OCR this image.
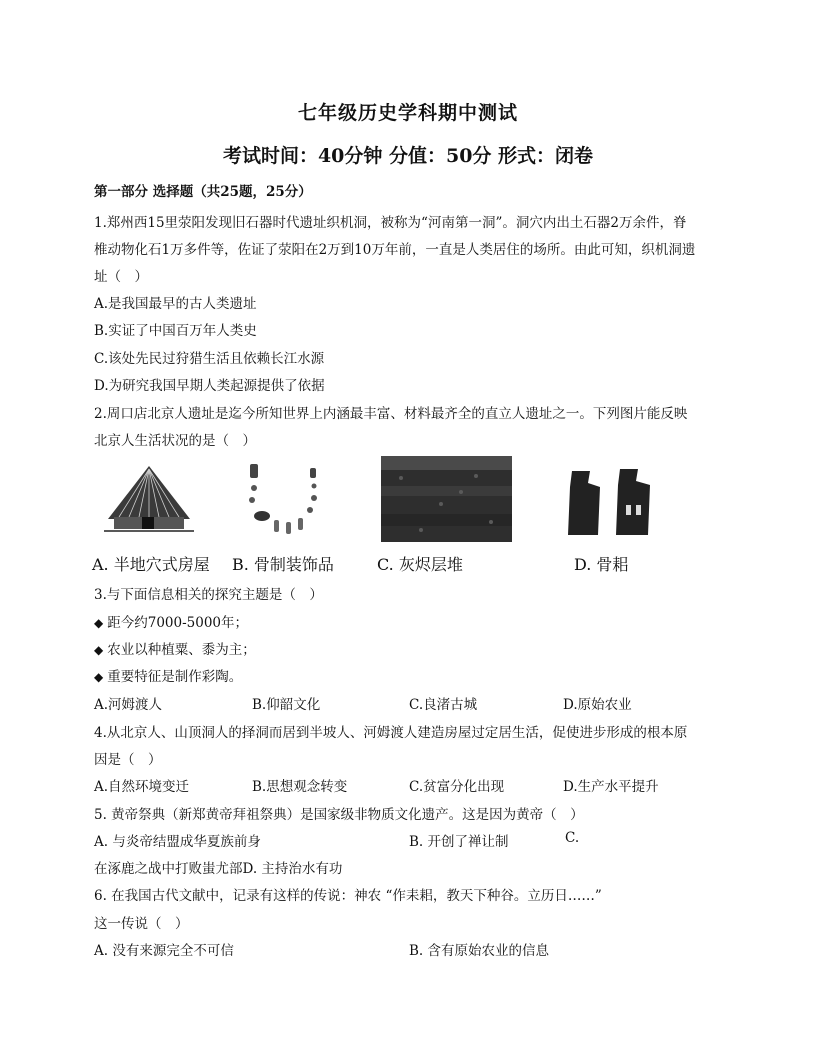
七年级历史学科期中测试
考试时间：40分钟 分值：50分 形式：闭卷
第一部分 选择题（共25题，25分）
1.郑州西15里荥阳发现旧石器时代遗址织机洞，被称为“河南第一洞”。洞穴内出土石器2万余件，脊
椎动物化石1万多件等，佐证了荥阳在2万到10万年前，一直是人类居住的场所。由此可知，织机洞遗
址（　）
A.是我国最早的古人类遗址
B.实证了中国百万年人类史
C.该处先民过狩猎生活且依赖长江水源
D.为研究我国早期人类起源提供了依据
2.周口店北京人遗址是迄今所知世界上内涵最丰富、材料最齐全的直立人遗址之一。下列图片能反映
北京人生活状况的是（　）
A. 半地穴式房屋 B. 骨制装饰品	C. 灰烬层堆	D. 骨耜
3.与下面信息相关的探究主题是（　）
◆ 距今约7000-5000年；
◆ 农业以种植粟、黍为主；
◆ 重要特征是制作彩陶。
A.河姆渡人	B.仰韶文化	C.良渚古城	D.原始农业
4.从北京人、山顶洞人的择洞而居到半坡人、河姆渡人建造房屋过定居生活，促使进步形成的根本原
因是（　）
A.自然环境变迁	B.思想观念转变	C.贫富分化出现	D.生产水平提升
5. 黄帝祭典（新郑黄帝拜祖祭典）是国家级非物质文化遗产。这是因为黄帝（　）
A. 与炎帝结盟成华夏族前身	B. 开创了禅让制	C.
在涿鹿之战中打败蚩尤部D. 主持治水有功
6. 在我国古代文献中，记录有这样的传说：神农 “作耒耜，教天下种谷。立历日……”
这一传说（　）
A. 没有来源完全不可信	B. 含有原始农业的信息
